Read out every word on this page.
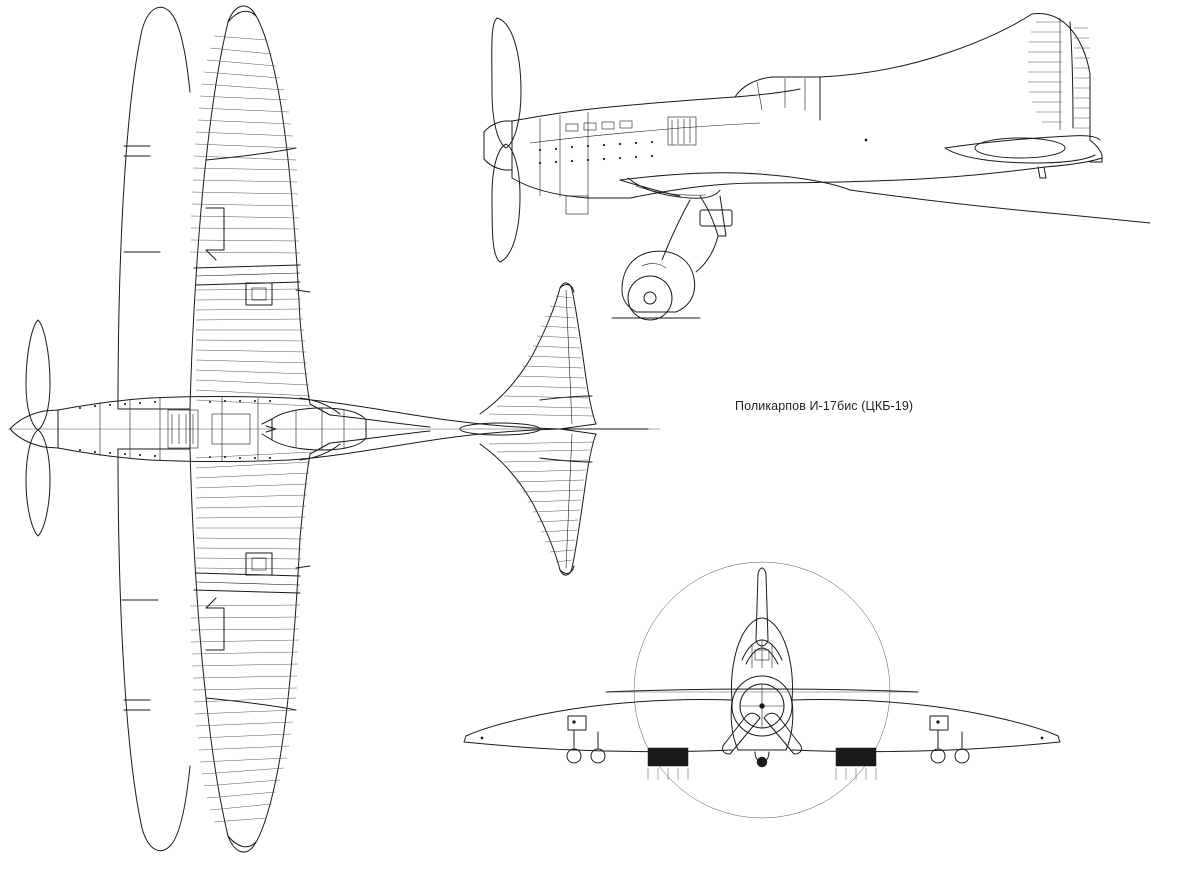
Поликарпов И-17бис (ЦКБ-19)
